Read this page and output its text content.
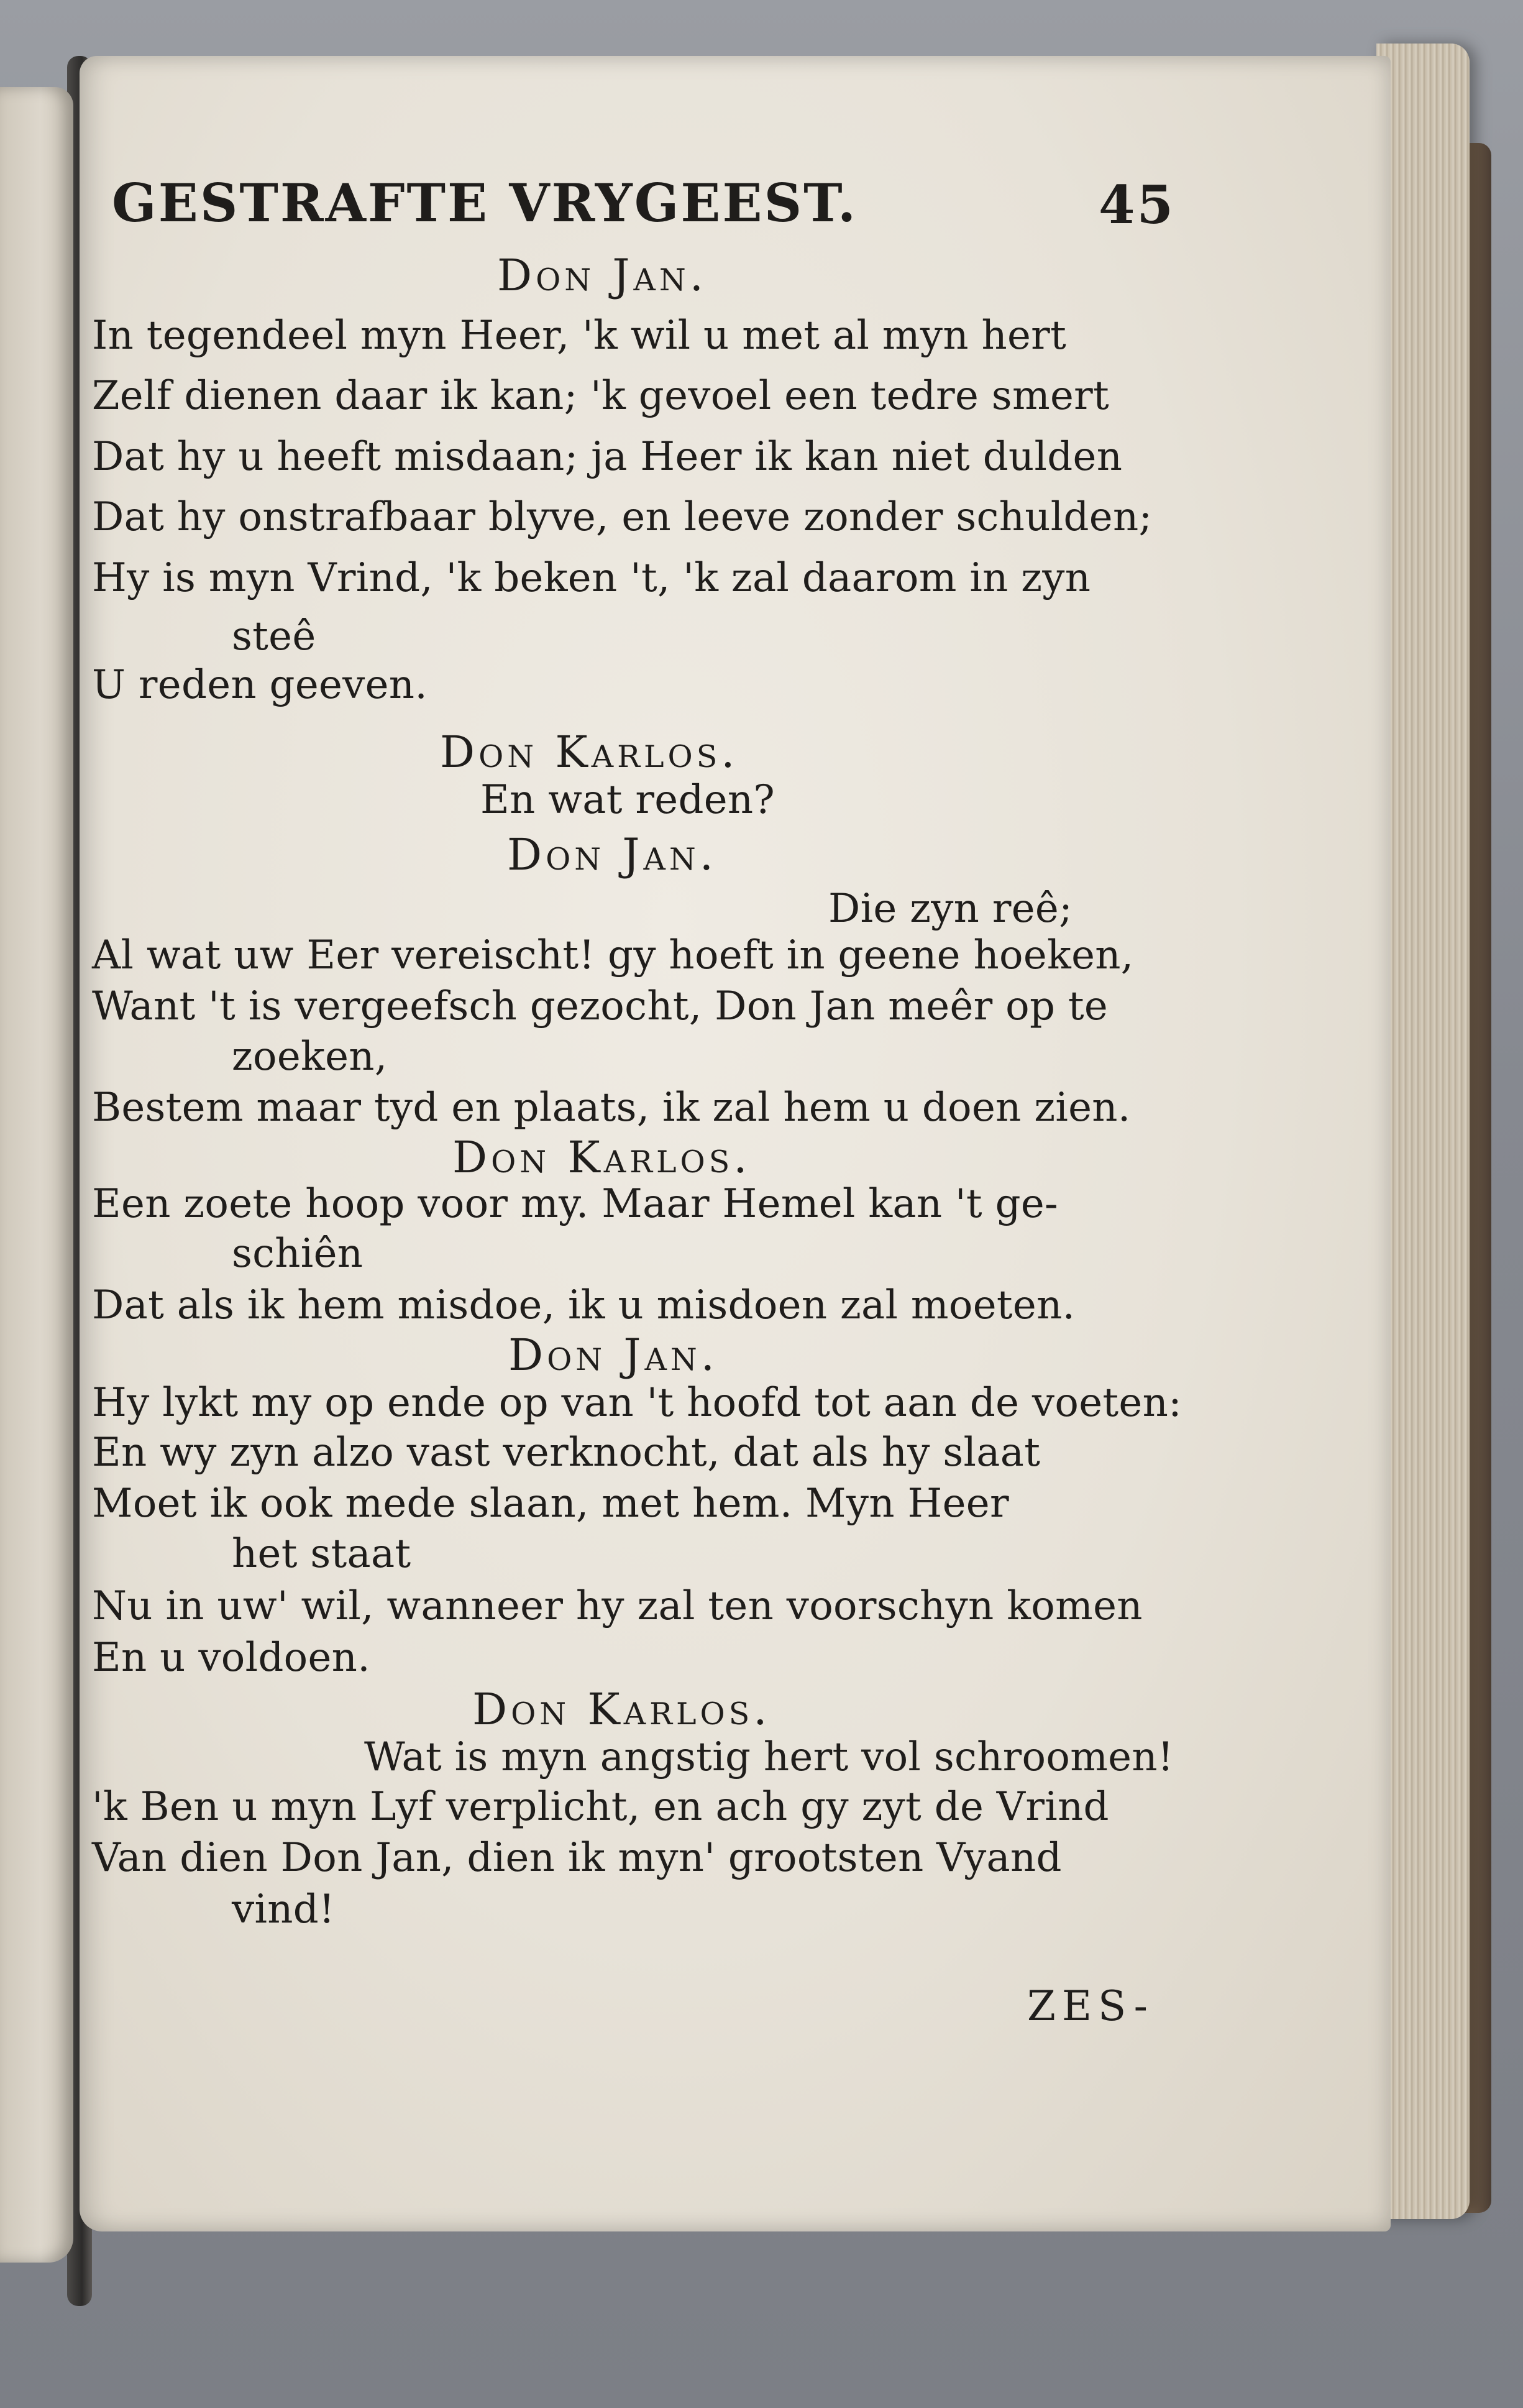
GESTRAFTE VRYGEEST.	45
Don Jan.
In tegendeel myn Heer, 'k wil u met al myn hert
Zelf dienen daar ik kan; 'k gevoel een tedre smert
Dat hy u heeft misdaan; ja Heer ik kan niet dulden
Dat hy onstrafbaar blyve, en leeve zonder schulden;
Hy is myn Vrind, 'k beken 't, 'k zal daarom in zyn
steê
U reden geeven.
Don Karlos.
En wat reden?
Don Jan.
Die zyn reê;
Al wat uw Eer vereischt! gy hoeft in geene hoeken,
Want 't is vergeefsch gezocht, Don Jan meêr op te
zoeken,
Bestem maar tyd en plaats, ik zal hem u doen zien.
Don Karlos.
Een zoete hoop voor my. Maar Hemel kan 't ge-
schiên
Dat als ik hem misdoe, ik u misdoen zal moeten.
Don Jan.
Hy lykt my op ende op van 't hoofd tot aan de voeten:
En wy zyn alzo vast verknocht, dat als hy slaat
Moet ik ook mede slaan, met hem. Myn Heer
het staat
Nu in uw' wil, wanneer hy zal ten voorschyn komen
En u voldoen.
Don Karlos.
Wat is myn angstig hert vol schroomen!
'k Ben u myn Lyf verplicht, en ach gy zyt de Vrind
Van dien Don Jan, dien ik myn' grootsten Vyand
vind!
ZES-
